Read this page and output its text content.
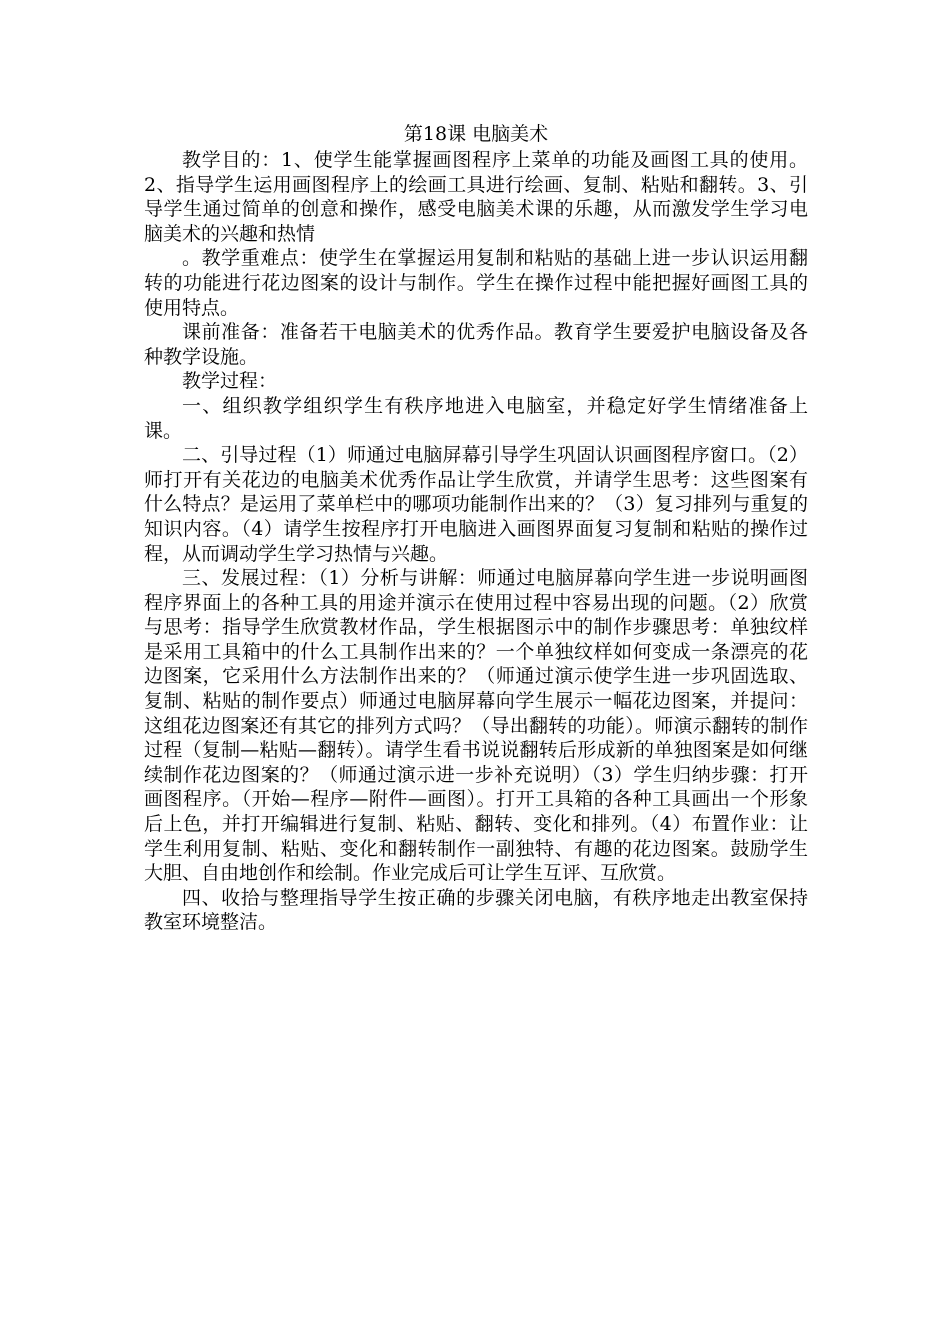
第18课 电脑美术

教学目的：1、使学生能掌握画图程序上菜单的功能及画图工具的使用。2、指导学生运用画图程序上的绘画工具进行绘画、复制、粘贴和翻转。3、引导学生通过简单的创意和操作，感受电脑美术课的乐趣，从而激发学生学习电脑美术的兴趣和热情

。教学重难点：使学生在掌握运用复制和粘贴的基础上进一步认识运用翻转的功能进行花边图案的设计与制作。学生在操作过程中能把握好画图工具的使用特点。

课前准备：准备若干电脑美术的优秀作品。教育学生要爱护电脑设备及各种教学设施。

教学过程：

一、组织教学组织学生有秩序地进入电脑室，并稳定好学生情绪准备上课。

二、引导过程（1）师通过电脑屏幕引导学生巩固认识画图程序窗口。（2）师打开有关花边的电脑美术优秀作品让学生欣赏，并请学生思考：这些图案有什么特点？是运用了菜单栏中的哪项功能制作出来的？（3）复习排列与重复的知识内容。（4）请学生按程序打开电脑进入画图界面复习复制和粘贴的操作过程，从而调动学生学习热情与兴趣。

三、发展过程：（1）分析与讲解：师通过电脑屏幕向学生进一步说明画图程序界面上的各种工具的用途并演示在使用过程中容易出现的问题。（2）欣赏与思考：指导学生欣赏教材作品，学生根据图示中的制作步骤思考：单独纹样是采用工具箱中的什么工具制作出来的？一个单独纹样如何变成一条漂亮的花边图案，它采用什么方法制作出来的？（师通过演示使学生进一步巩固选取、复制、粘贴的制作要点）师通过电脑屏幕向学生展示一幅花边图案，并提问：这组花边图案还有其它的排列方式吗？（导出翻转的功能）。师演示翻转的制作过程（复制—粘贴—翻转）。请学生看书说说翻转后形成新的单独图案是如何继续制作花边图案的？（师通过演示进一步补充说明）（3）学生归纳步骤：打开画图程序。（开始—程序—附件—画图）。打开工具箱的各种工具画出一个形象后上色，并打开编辑进行复制、粘贴、翻转、变化和排列。（4）布置作业：让学生利用复制、粘贴、变化和翻转制作一副独特、有趣的花边图案。鼓励学生大胆、自由地创作和绘制。作业完成后可让学生互评、互欣赏。

四、收拾与整理指导学生按正确的步骤关闭电脑，有秩序地走出教室保持教室环境整洁。
